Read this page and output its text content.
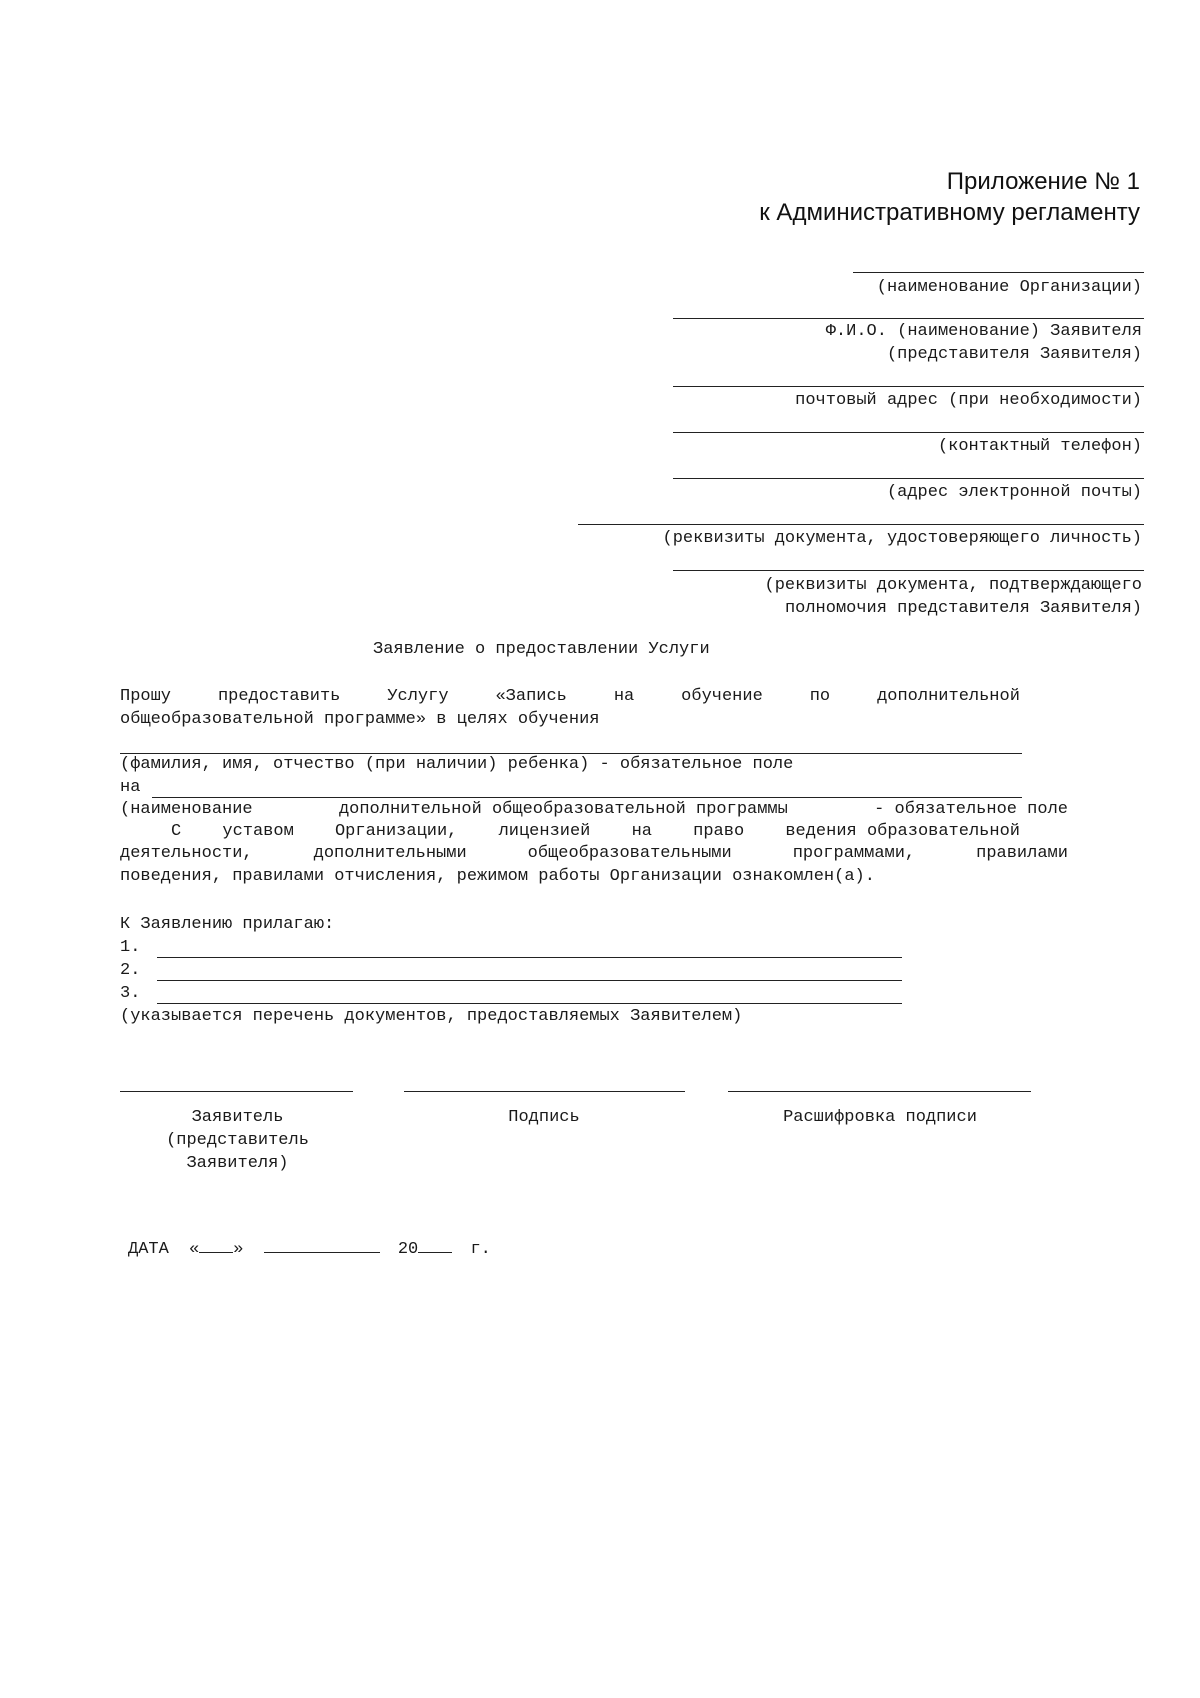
Приложение № 1
к Административному регламенту
(наименование Организации)
Ф.И.О. (наименование) Заявителя
(представителя Заявителя)
почтовый адрес (при необходимости)
(контактный телефон)
(адрес электронной почты)
(реквизиты документа, удостоверяющего личность)
(реквизиты документа, подтверждающего
полномочия представителя Заявителя)
Заявление о предоставлении Услуги
Прошу	предоставить	Услугу	«Запись	на	обучение	по	дополнительной
общеобразовательной программе» в целях обучения
(фамилия, имя, отчество (при наличии) ребенка) - обязательное поле
на
(наименование	дополнительной общеобразовательной программы	- обязательное поле
С уставом Организации, лицензией на право ведения образовательной
деятельности,	дополнительными	общеобразовательными	программами,	правилами
поведения, правилами отчисления, режимом работы Организации ознакомлен(а).
К Заявлению прилагаю:
1.
2.
3.
(указывается перечень документов, предоставляемых Заявителем)
Заявитель
(представитель
Заявителя)
Подпись	Расшифровка подписи
ДАТА « »	20	г.
